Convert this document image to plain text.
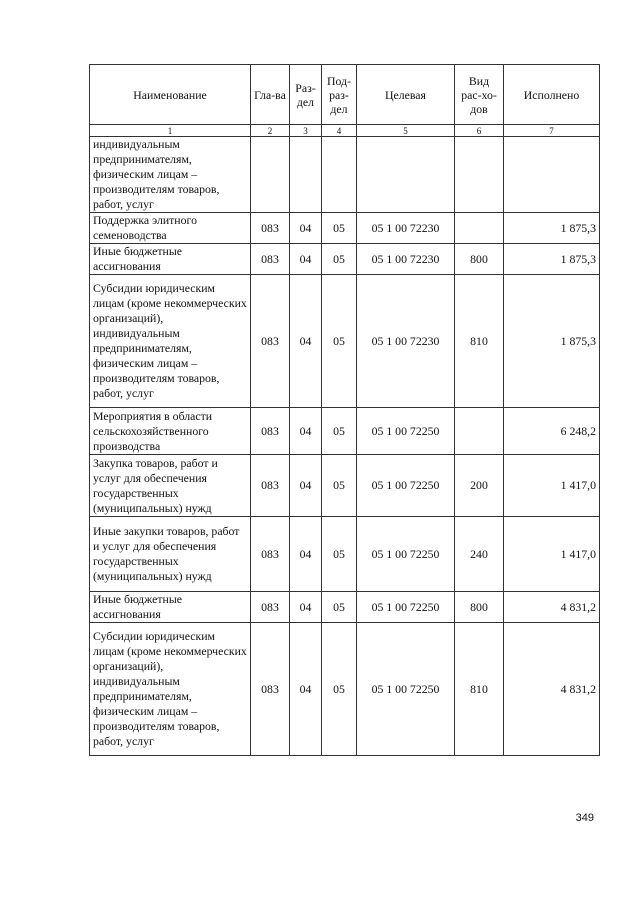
Наименование	Гла-ва	Раз-дел	Под-раз-дел	Целевая	Вид рас-хо-дов	Исполнено
1	2	3	4	5	6	7
индивидуальным предпринимателям, физическим лицам – производителям товаров, работ, услуг						
Поддержка элитного семеноводства	083	04	05	05 1 00 72230		1 875,3
Иные бюджетные ассигнования	083	04	05	05 1 00 72230	800	1 875,3
Субсидии юридическим лицам (кроме некоммерческих организаций), индивидуальным предпринимателям, физическим лицам – производителям товаров, работ, услуг	083	04	05	05 1 00 72230	810	1 875,3
Мероприятия в области сельскохозяйственного производства	083	04	05	05 1 00 72250		6 248,2
Закупка товаров, работ и услуг для обеспечения государственных (муниципальных) нужд	083	04	05	05 1 00 72250	200	1 417,0
Иные закупки товаров, работ и услуг для обеспечения государственных (муниципальных) нужд	083	04	05	05 1 00 72250	240	1 417,0
Иные бюджетные ассигнования	083	04	05	05 1 00 72250	800	4 831,2
Субсидии юридическим лицам (кроме некоммерческих организаций), индивидуальным предпринимателям, физическим лицам – производителям товаров, работ, услуг	083	04	05	05 1 00 72250	810	4 831,2
349
